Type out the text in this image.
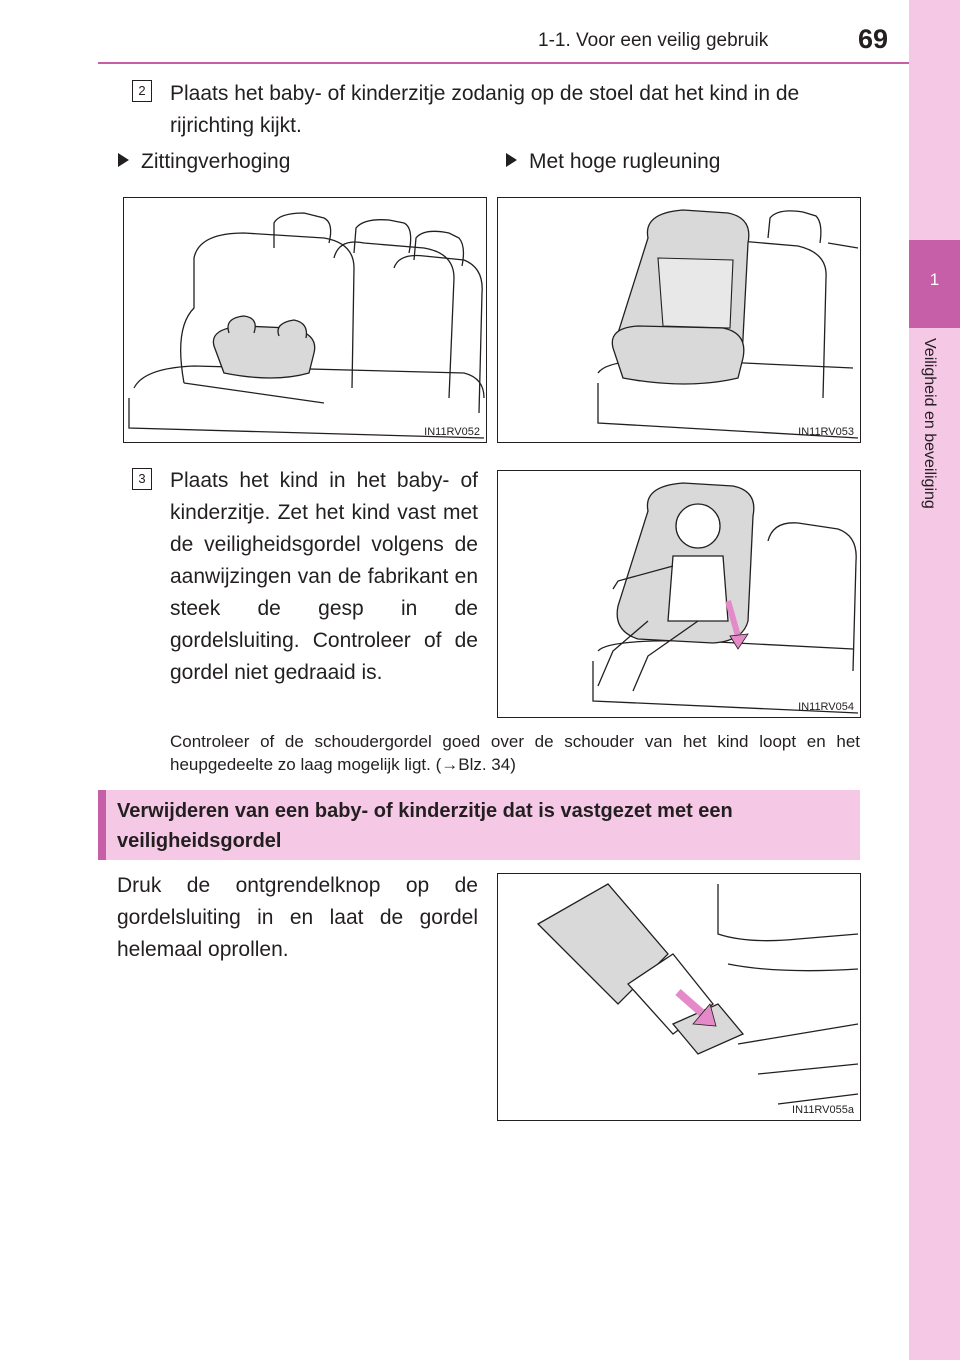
1-1. Voor een veilig gebruik	69
1
Veiligheid en beveiliging
2	Plaats het baby- of kinderzitje zodanig op de stoel dat het kind in de rijrichting kijkt.
Zittingverhoging	Met hoge rugleuning
IN11RV052	IN11RV053
3	Plaats het kind in het baby- of kinderzitje. Zet het kind vast met de veiligheidsgordel volgens de aanwijzingen van de fabrikant en steek de gesp in de gordelsluiting. Controleer of de gordel niet gedraaid is.
IN11RV054
Controleer of de schoudergordel goed over de schouder van het kind loopt en het heupgedeelte zo laag mogelijk ligt. (→Blz. 34)
Verwijderen van een baby- of kinderzitje dat is vastgezet met een veiligheidsgordel
Druk de ontgrendelknop op de gordelsluiting in en laat de gordel helemaal oprollen.
IN11RV055a
